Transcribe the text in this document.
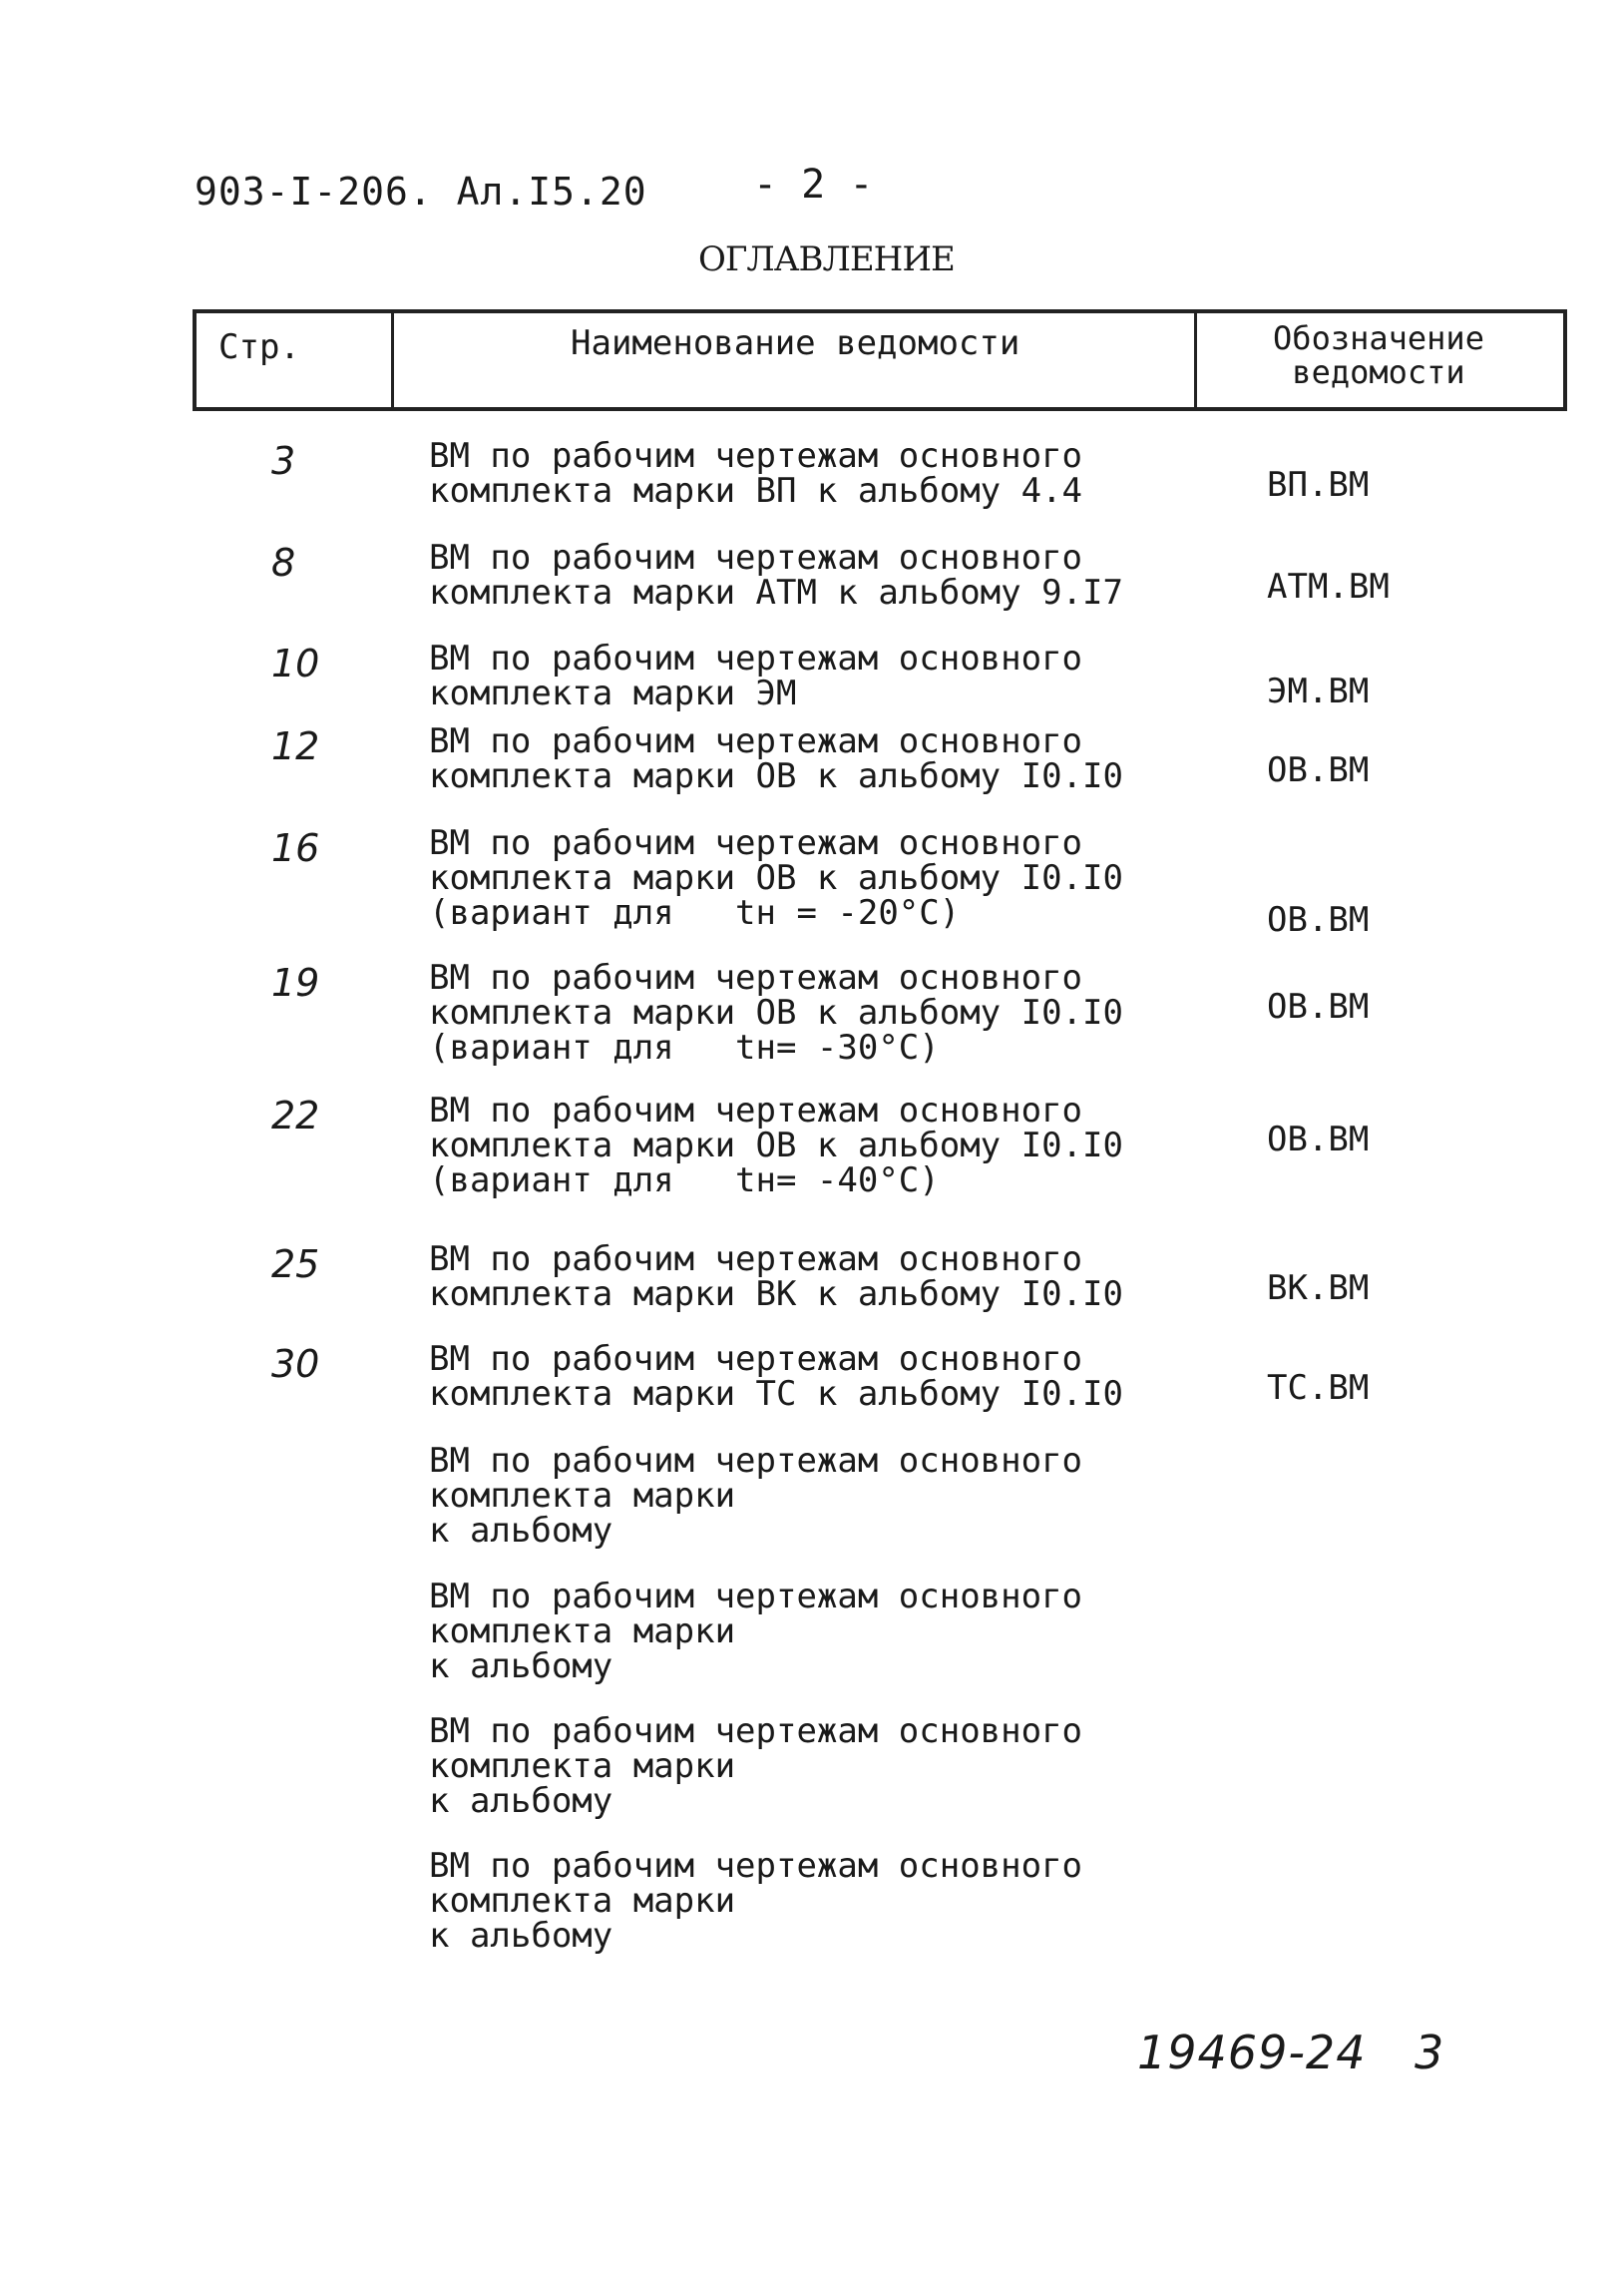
903-I-206. Ал.I5.20	- 2 -
ОГЛАВЛЕНИЕ
Стр.	Наименование ведомости	Обозначение
ведомости
3	ВМ по рабочим чертежам основного
комплекта марки ВП к альбому 4.4	ВП.ВМ
8	ВМ по рабочим чертежам основного
комплекта марки АТМ к альбому 9.I7	АТМ.ВМ
10	ВМ по рабочим чертежам основного
комплекта марки ЭМ	ЭМ.ВМ
12	ВМ по рабочим чертежам основного
комплекта марки ОВ к альбому I0.I0	ОВ.ВМ
16	ВМ по рабочим чертежам основного
комплекта марки ОВ к альбому I0.I0
(вариант для   tн = -20°C)	ОВ.ВМ
19	ВМ по рабочим чертежам основного
комплекта марки ОВ к альбому I0.I0
(вариант для   tн= -30°C)
ОВ.ВМ
22	ВМ по рабочим чертежам основного
комплекта марки ОВ к альбому I0.I0
(вариант для   tн= -40°C)
ОВ.ВМ
25	ВМ по рабочим чертежам основного
комплекта марки ВК к альбому I0.I0	ВК.ВМ
30	ВМ по рабочим чертежам основного
комплекта марки ТС к альбому I0.I0	ТС.ВМ
ВМ по рабочим чертежам основного
комплекта марки
к альбому
ВМ по рабочим чертежам основного
комплекта марки
к альбому
ВМ по рабочим чертежам основного
комплекта марки
к альбому
ВМ по рабочим чертежам основного
комплекта марки
к альбому
19469-24 3
